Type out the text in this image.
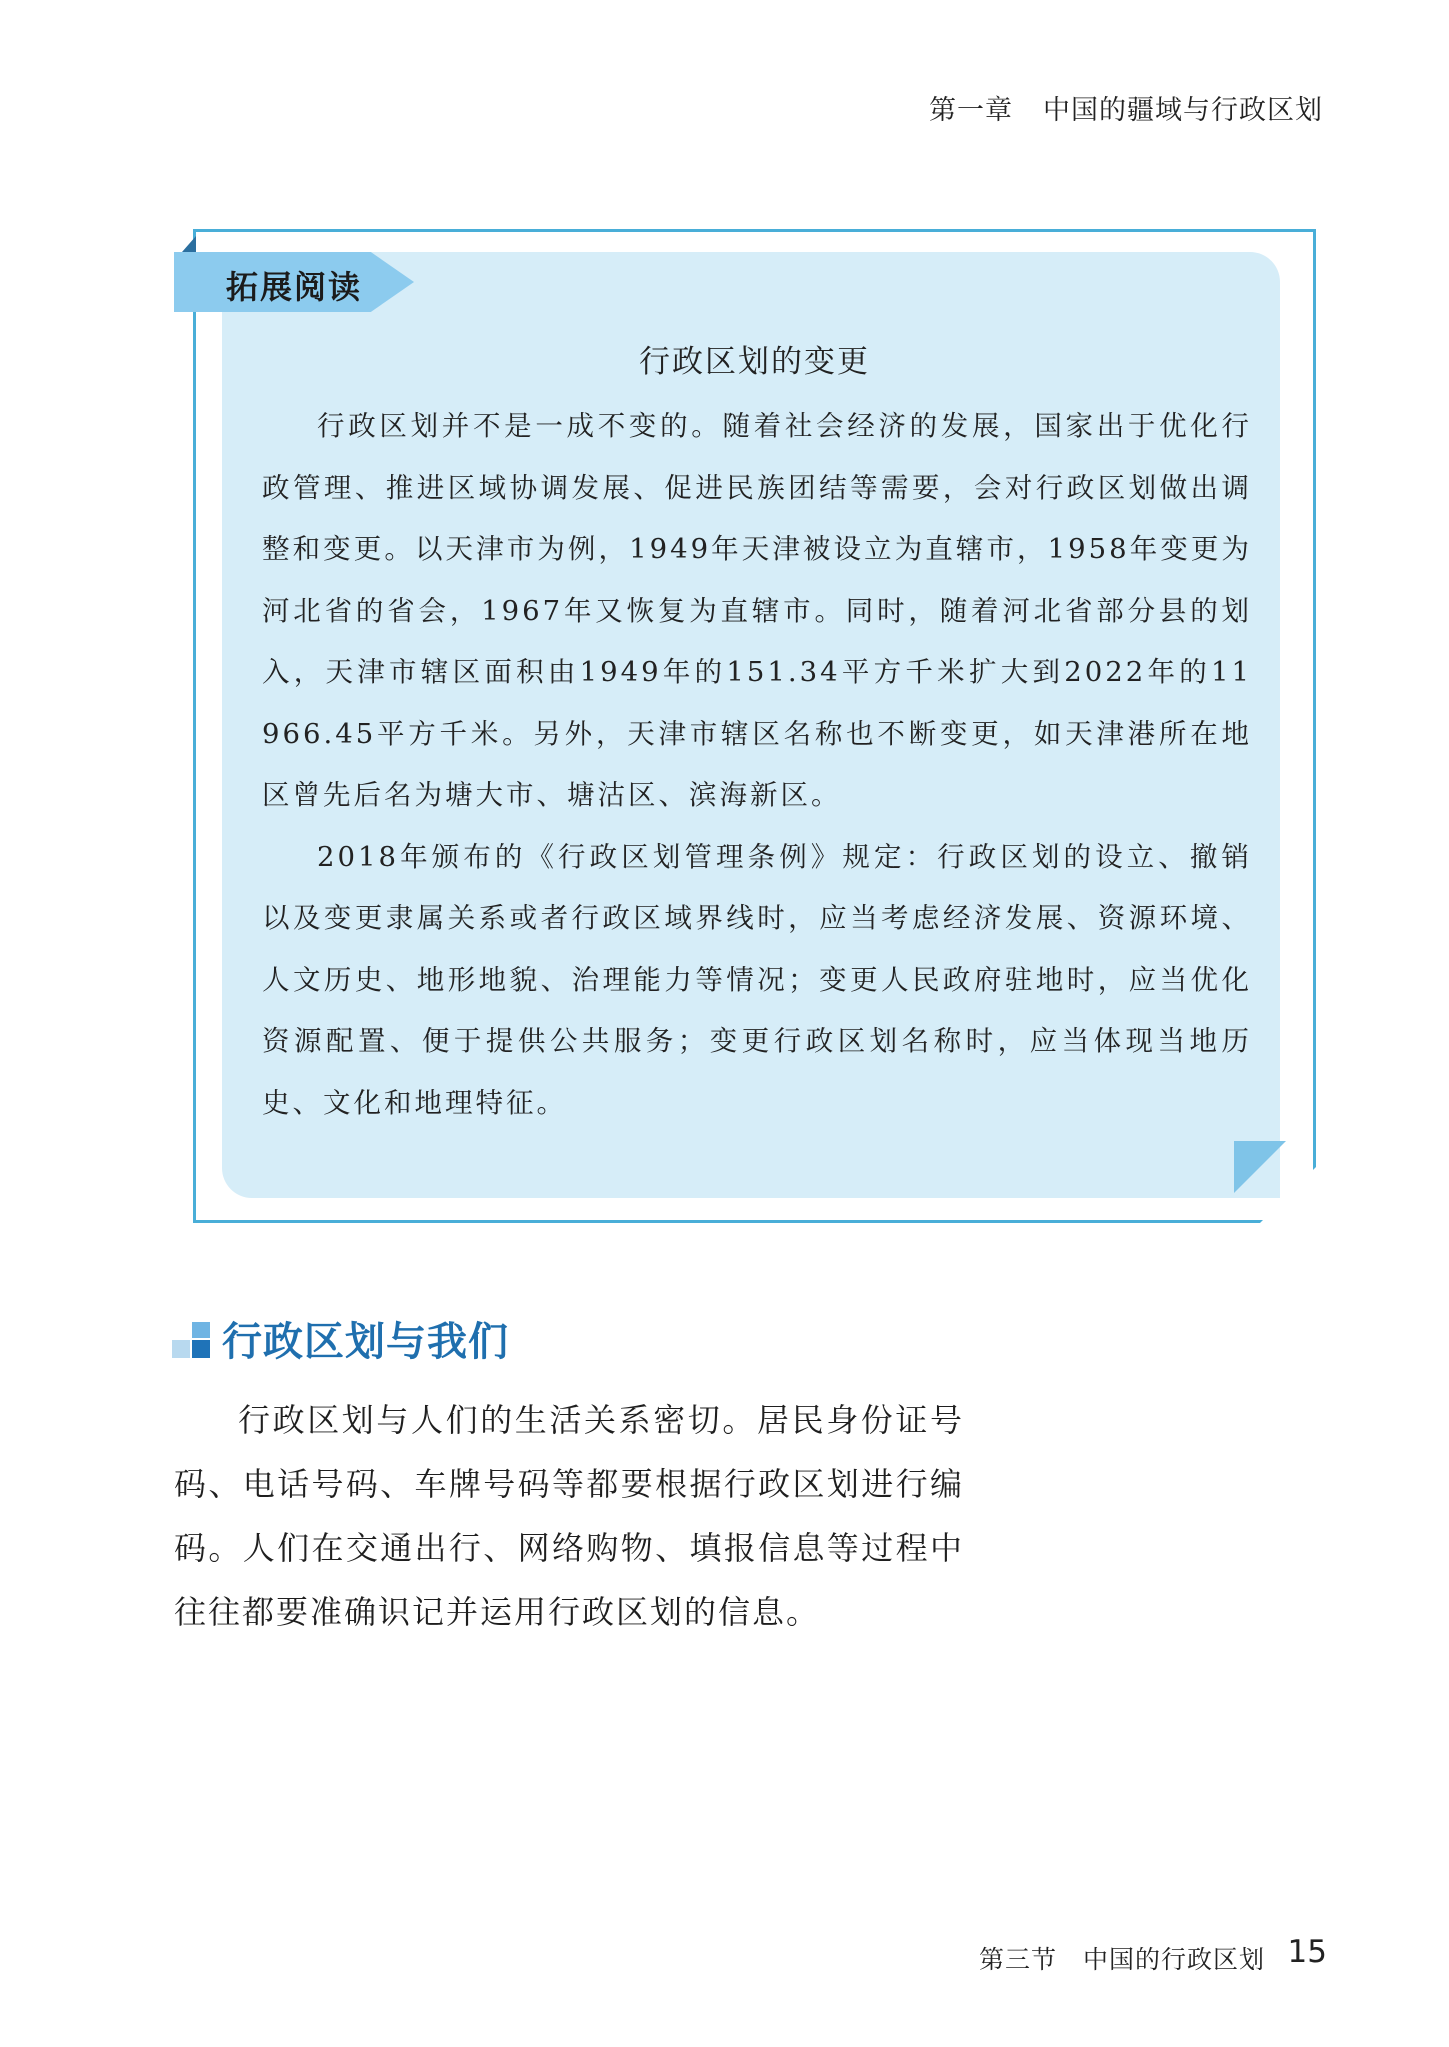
第一章 中国的疆域与行政区划
拓展阅读
行政区划的变更

行政区划并不是一成不变的。随着社会经济的发展，国家出于优化行政管理、推进区域协调发展、促进民族团结等需要，会对行政区划做出调整和变更。以天津市为例，1949年天津被设立为直辖市，1958年变更为河北省的省会，1967年又恢复为直辖市。同时，随着河北省部分县的划入，天津市辖区面积由1949年的151.34平方千米扩大到2022年的11 966.45平方千米。另外，天津市辖区名称也不断变更，如天津港所在地区曾先后名为塘大市、塘沽区、滨海新区。

2018年颁布的《行政区划管理条例》规定：行政区划的设立、撤销以及变更隶属关系或者行政区域界线时，应当考虑经济发展、资源环境、人文历史、地形地貌、治理能力等情况；变更人民政府驻地时，应当优化资源配置、便于提供公共服务；变更行政区划名称时，应当体现当地历史、文化和地理特征。

行政区划与我们

行政区划与人们的生活关系密切。居民身份证号码、电话号码、车牌号码等都要根据行政区划进行编码。人们在交通出行、网络购物、填报信息等过程中往往都要准确识记并运用行政区划的信息。

第三节 中国的行政区划 15
